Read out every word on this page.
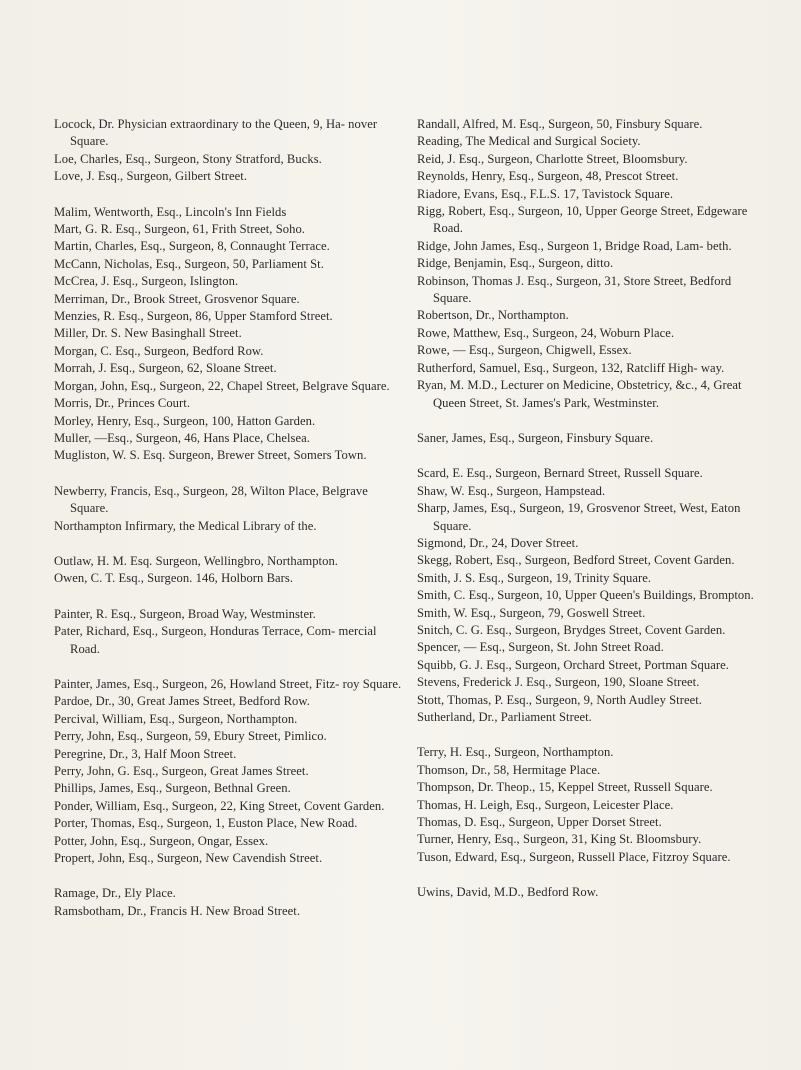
Locock, Dr. Physician extraordinary to the Queen, 9, Ha- nover Square.

Loe, Charles, Esq., Surgeon, Stony Stratford, Bucks.

Love, J. Esq., Surgeon, Gilbert Street.

Malim, Wentworth, Esq., Lincoln's Inn Fields

Mart, G. R. Esq., Surgeon, 61, Frith Street, Soho.

Martin, Charles, Esq., Surgeon, 8, Connaught Terrace.

McCann, Nicholas, Esq., Surgeon, 50, Parliament St.

McCrea, J. Esq., Surgeon, Islington.

Merriman, Dr., Brook Street, Grosvenor Square.

Menzies, R. Esq., Surgeon, 86, Upper Stamford Street.

Miller, Dr. S. New Basinghall Street.

Morgan, C. Esq., Surgeon, Bedford Row.

Morrah, J. Esq., Surgeon, 62, Sloane Street.

Morgan, John, Esq., Surgeon, 22, Chapel Street, Belgrave Square.

Morris, Dr., Princes Court.

Morley, Henry, Esq., Surgeon, 100, Hatton Garden.

Muller, —Esq., Surgeon, 46, Hans Place, Chelsea.

Mugliston, W. S. Esq. Surgeon, Brewer Street, Somers Town.

Newberry, Francis, Esq., Surgeon, 28, Wilton Place, Belgrave Square.

Northampton Infirmary, the Medical Library of the.

Outlaw, H. M. Esq. Surgeon, Wellingbro, Northampton.

Owen, C. T. Esq., Surgeon. 146, Holborn Bars.

Painter, R. Esq., Surgeon, Broad Way, Westminster.

Pater, Richard, Esq., Surgeon, Honduras Terrace, Com- mercial Road.

Painter, James, Esq., Surgeon, 26, Howland Street, Fitz- roy Square.

Pardoe, Dr., 30, Great James Street, Bedford Row.

Percival, William, Esq., Surgeon, Northampton.

Perry, John, Esq., Surgeon, 59, Ebury Street, Pimlico.

Peregrine, Dr., 3, Half Moon Street.

Perry, John, G. Esq., Surgeon, Great James Street.

Phillips, James, Esq., Surgeon, Bethnal Green.

Ponder, William, Esq., Surgeon, 22, King Street, Covent Garden.

Porter, Thomas, Esq., Surgeon, 1, Euston Place, New Road.

Potter, John, Esq., Surgeon, Ongar, Essex.

Propert, John, Esq., Surgeon, New Cavendish Street.

Ramage, Dr., Ely Place.

Ramsbotham, Dr., Francis H. New Broad Street.

Randall, Alfred, M. Esq., Surgeon, 50, Finsbury Square.

Reading, The Medical and Surgical Society.

Reid, J. Esq., Surgeon, Charlotte Street, Bloomsbury.

Reynolds, Henry, Esq., Surgeon, 48, Prescot Street.

Riadore, Evans, Esq., F.L.S. 17, Tavistock Square.

Rigg, Robert, Esq., Surgeon, 10, Upper George Street, Edgeware Road.

Ridge, John James, Esq., Surgeon 1, Bridge Road, Lam- beth.

Ridge, Benjamin, Esq., Surgeon, ditto.

Robinson, Thomas J. Esq., Surgeon, 31, Store Street, Bedford Square.

Robertson, Dr., Northampton.

Rowe, Matthew, Esq., Surgeon, 24, Woburn Place.

Rowe, — Esq., Surgeon, Chigwell, Essex.

Rutherford, Samuel, Esq., Surgeon, 132, Ratcliff High- way.

Ryan, M. M.D., Lecturer on Medicine, Obstetricy, &c., 4, Great Queen Street, St. James's Park, Westminster.

Saner, James, Esq., Surgeon, Finsbury Square.

Scard, E. Esq., Surgeon, Bernard Street, Russell Square.

Shaw, W. Esq., Surgeon, Hampstead.

Sharp, James, Esq., Surgeon, 19, Grosvenor Street, West, Eaton Square.

Sigmond, Dr., 24, Dover Street.

Skegg, Robert, Esq., Surgeon, Bedford Street, Covent Garden.

Smith, J. S. Esq., Surgeon, 19, Trinity Square.

Smith, C. Esq., Surgeon, 10, Upper Queen's Buildings, Brompton.

Smith, W. Esq., Surgeon, 79, Goswell Street.

Snitch, C. G. Esq., Surgeon, Brydges Street, Covent Garden.

Spencer, — Esq., Surgeon, St. John Street Road.

Squibb, G. J. Esq., Surgeon, Orchard Street, Portman Square.

Stevens, Frederick J. Esq., Surgeon, 190, Sloane Street.

Stott, Thomas, P. Esq., Surgeon, 9, North Audley Street.

Sutherland, Dr., Parliament Street.

Terry, H. Esq., Surgeon, Northampton.

Thomson, Dr., 58, Hermitage Place.

Thompson, Dr. Theop., 15, Keppel Street, Russell Square.

Thomas, H. Leigh, Esq., Surgeon, Leicester Place.

Thomas, D. Esq., Surgeon, Upper Dorset Street.

Turner, Henry, Esq., Surgeon, 31, King St. Bloomsbury.

Tuson, Edward, Esq., Surgeon, Russell Place, Fitzroy Square.

Uwins, David, M.D., Bedford Row.
